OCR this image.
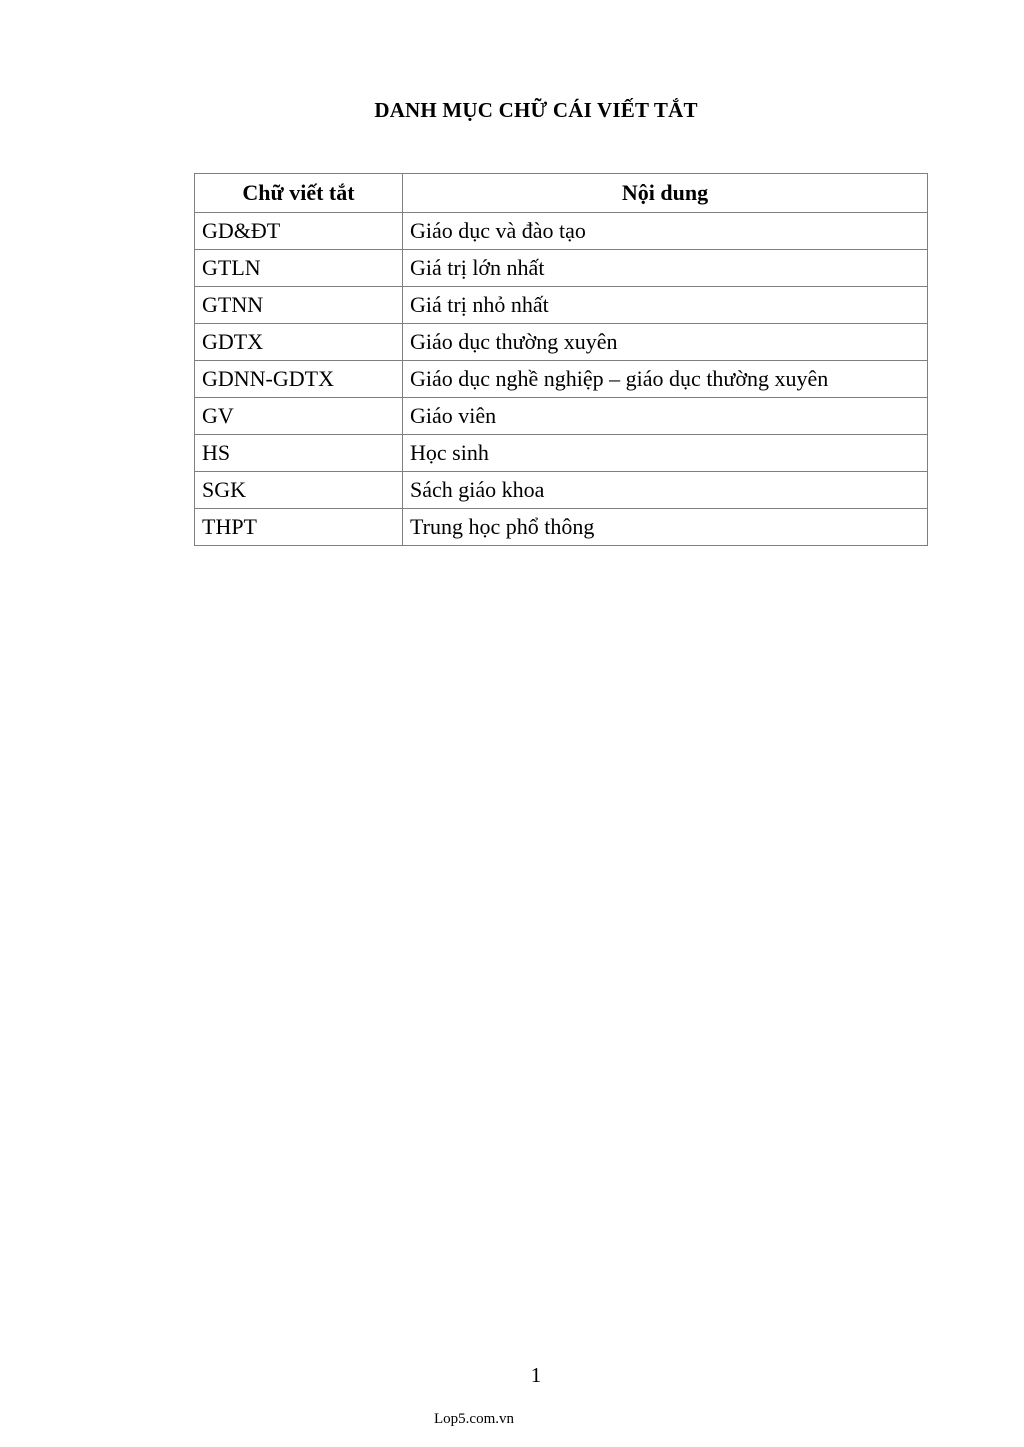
DANH MỤC CHỮ CÁI VIẾT TẮT
Chữ viết tắt	Nội dung
GD&ĐT	Giáo dục và đào tạo
GTLN	Giá trị lớn nhất
GTNN	Giá trị nhỏ nhất
GDTX	Giáo dục thường xuyên
GDNN-GDTX	Giáo dục nghề nghiệp – giáo dục thường xuyên
GV	Giáo viên
HS	Học sinh
SGK	Sách giáo khoa
THPT	Trung học phổ thông
1
Lop5.com.vn
